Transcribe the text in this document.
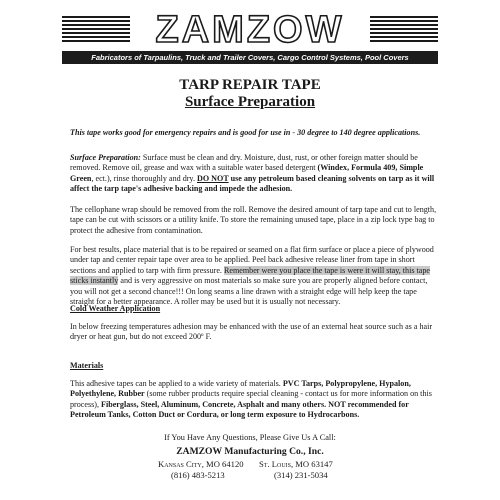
ZAMZOW
Fabricators of Tarpaulins, Truck and Trailer Covers, Cargo Control Systems, Pool Covers
TARP REPAIR TAPE
Surface Preparation

This tape works good for emergency repairs and is good for use in - 30 degree to 140 degree applications.

Surface Preparation: Surface must be clean and dry. Moisture, dust, rust, or other foreign matter should be removed. Remove oil, grease and wax with a suitable water based detergent (Windex, Formula 409, Simple Green, ect.), rinse thoroughly and dry. DO NOT use any petroleum based cleaning solvents on tarp as it will affect the tarp tape's adhesive backing and impede the adhesion.

The cellophane wrap should be removed from the roll. Remove the desired amount of tarp tape and cut to length, tape can be cut with scissors or a utility knife. To store the remaining unused tape, place in a zip lock type bag to protect the adhesive from contamination.

For best results, place material that is to be repaired or seamed on a flat firm surface or place a piece of plywood under tap and center repair tape over area to be applied. Peel back adhesive release liner from tape in short sections and applied to tarp with firm pressure. Remember were you place the tape is were it will stay, this tape sticks instantly and is very aggressive on most materials so make sure you are properly aligned before contact, you will not get a second chance!!! On long seams a line drawn with a straight edge will help keep the tape straight for a better appearance. A roller may be used but it is usually not necessary.

Cold Weather Application

In below freezing temperatures adhesion may be enhanced with the use of an external heat source such as a hair dryer or heat gun, but do not exceed 200º F.

Materials

This adhesive tapes can be applied to a wide variety of materials. PVC Tarps, Polypropylene, Hypalon, Polyethylene, Rubber (some rubber products require special cleaning - contact us for more information on this process), Fiberglass, Steel, Aluminum, Concrete, Asphalt and many others. NOT recommended for Petroleum Tanks, Cotton Duct or Cordura, or long term exposure to Hydrocarbons.

If You Have Any Questions, Please Give Us A Call:
ZAMZOW Manufacturing Co., Inc.
Kansas City, MO 64120 St. Louis, MO 63147
(816) 483-5213	(314) 231-5034
